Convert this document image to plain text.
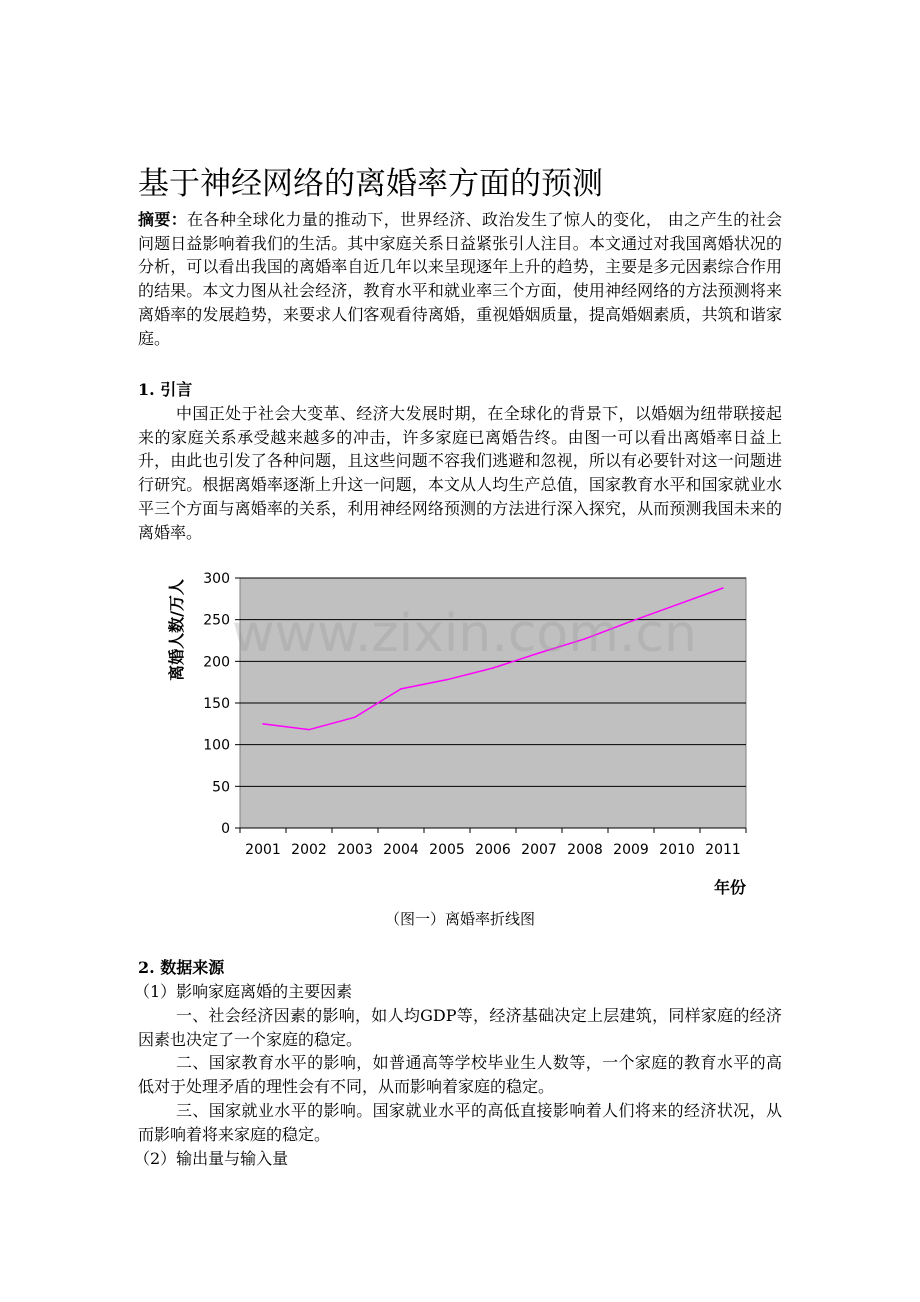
基于神经网络的离婚率方面的预测
摘要：在各种全球化力量的推动下，世界经济、政治发生了惊人的变化， 由之产生的社会问题日益影响着我们的生活。其中家庭关系日益紧张引人注目。本文通过对我国离婚状况的分析，可以看出我国的离婚率自近几年以来呈现逐年上升的趋势，主要是多元因素综合作用的结果。本文力图从社会经济，教育水平和就业率三个方面，使用神经网络的方法预测将来离婚率的发展趋势，来要求人们客观看待离婚，重视婚姻质量，提高婚姻素质，共筑和谐家庭。
1. 引言
中国正处于社会大变革、经济大发展时期，在全球化的背景下，以婚姻为纽带联接起来的家庭关系承受越来越多的冲击，许多家庭已离婚告终。由图一可以看出离婚率日益上升，由此也引发了各种问题，且这些问题不容我们逃避和忽视，所以有必要针对这一问题进行研究。根据离婚率逐渐上升这一问题，本文从人均生产总值，国家教育水平和国家就业水平三个方面与离婚率的关系，利用神经网络预测的方法进行深入探究，从而预测我国未来的离婚率。
0
50
100
150
200
250
300
2001 2002 2003 2004 2005 2006 2007 2008 2009 2010 2011
年份
离婚人数/万人 www.zixin.com.cn
（图一）离婚率折线图
2. 数据来源
（1）影响家庭离婚的主要因素
一、社会经济因素的影响，如人均GDP等，经济基础决定上层建筑，同样家庭的经济因素也决定了一个家庭的稳定。
二、国家教育水平的影响，如普通高等学校毕业生人数等，一个家庭的教育水平的高低对于处理矛盾的理性会有不同，从而影响着家庭的稳定。
三、国家就业水平的影响。国家就业水平的高低直接影响着人们将来的经济状况，从而影响着将来家庭的稳定。
（2）输出量与输入量
